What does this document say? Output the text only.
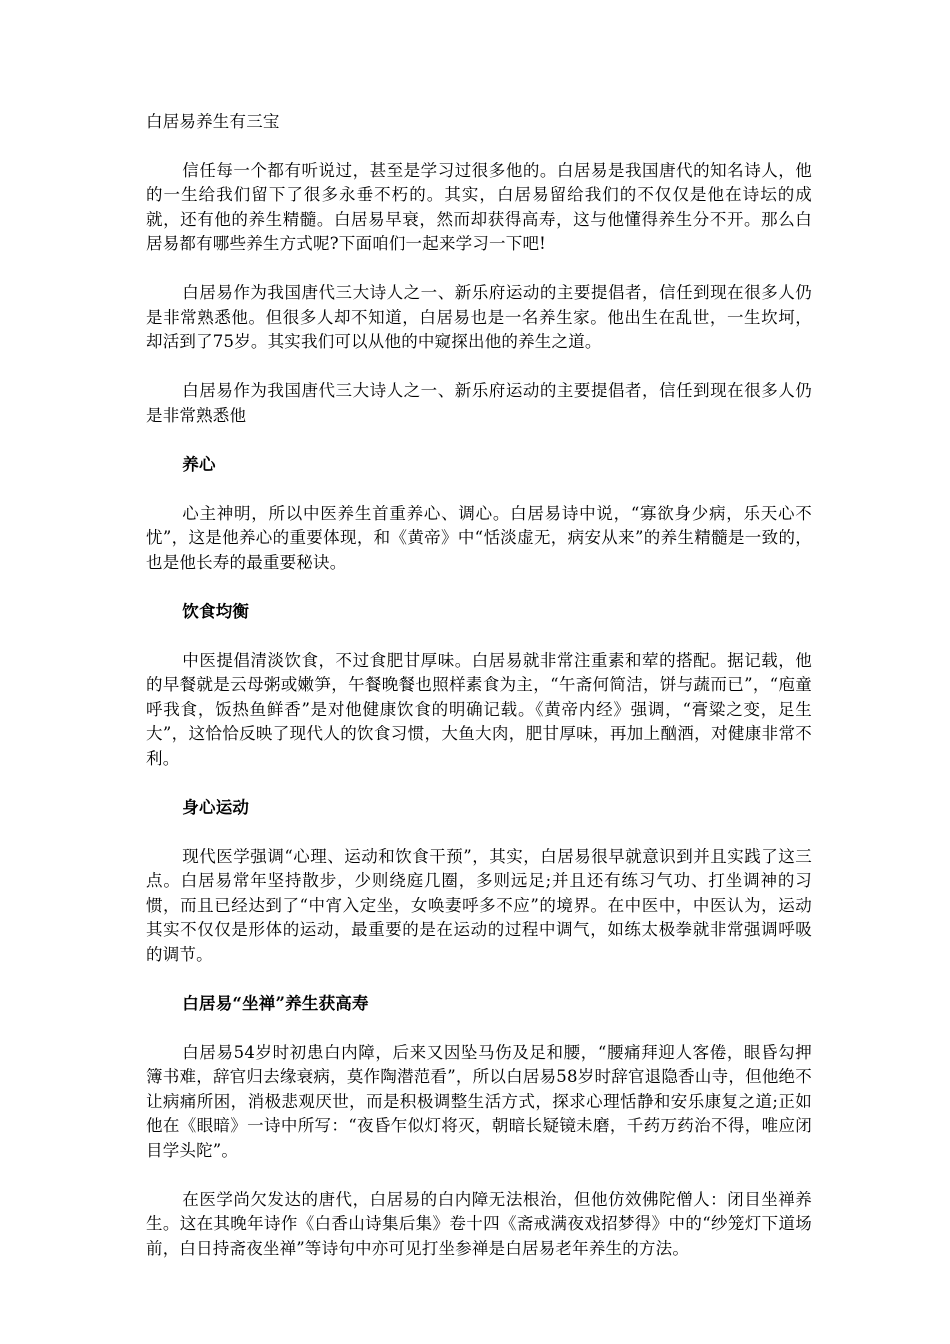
白居易养生有三宝

信任每一个都有听说过，甚至是学习过很多他的。白居易是我国唐代的知名诗人，他的一生给我们留下了很多永垂不朽的。其实，白居易留给我们的不仅仅是他在诗坛的成就，还有他的养生精髓。白居易早衰，然而却获得高寿，这与他懂得养生分不开。那么白居易都有哪些养生方式呢?下面咱们一起来学习一下吧!

白居易作为我国唐代三大诗人之一、新乐府运动的主要提倡者，信任到现在很多人仍是非常熟悉他。但很多人却不知道，白居易也是一名养生家。他出生在乱世，一生坎坷，却活到了75岁。其实我们可以从他的中窥探出他的养生之道。

白居易作为我国唐代三大诗人之一、新乐府运动的主要提倡者，信任到现在很多人仍是非常熟悉他

养心

心主神明，所以中医养生首重养心、调心。白居易诗中说，“寡欲身少病，乐天心不忧”，这是他养心的重要体现，和《黄帝》中“恬淡虚无，病安从来”的养生精髓是一致的，也是他长寿的最重要秘诀。

饮食均衡

中医提倡清淡饮食，不过食肥甘厚味。白居易就非常注重素和荤的搭配。据记载，他的早餐就是云母粥或嫩笋，午餐晚餐也照样素食为主，“午斋何简洁，饼与蔬而已”，“庖童呼我食，饭热鱼鲜香”是对他健康饮食的明确记载。《黄帝内经》强调，“膏粱之变，足生大”，这恰恰反映了现代人的饮食习惯，大鱼大肉，肥甘厚味，再加上酗酒，对健康非常不利。

身心运动

现代医学强调“心理、运动和饮食干预”，其实，白居易很早就意识到并且实践了这三点。白居易常年坚持散步，少则绕庭几圈，多则远足;并且还有练习气功、打坐调神的习惯，而且已经达到了“中宵入定坐，女唤妻呼多不应”的境界。在中医中，中医认为，运动其实不仅仅是形体的运动，最重要的是在运动的过程中调气，如练太极拳就非常强调呼吸的调节。

白居易“坐禅”养生获高寿

白居易54岁时初患白内障，后来又因坠马伤及足和腰，“腰痛拜迎人客倦，眼昏勾押簿书难，辞官归去缘衰病，莫作陶潜范看”，所以白居易58岁时辞官退隐香山寺，但他绝不让病痛所困，消极悲观厌世，而是积极调整生活方式，探求心理恬静和安乐康复之道;正如他在《眼暗》一诗中所写：“夜昏乍似灯将灭，朝暗长疑镜未磨，千药万药治不得，唯应闭目学头陀”。

在医学尚欠发达的唐代，白居易的白内障无法根治，但他仿效佛陀僧人：闭目坐禅养生。这在其晚年诗作《白香山诗集后集》卷十四《斋戒满夜戏招梦得》中的“纱笼灯下道场前，白日持斋夜坐禅”等诗句中亦可见打坐参禅是白居易老年养生的方法。
